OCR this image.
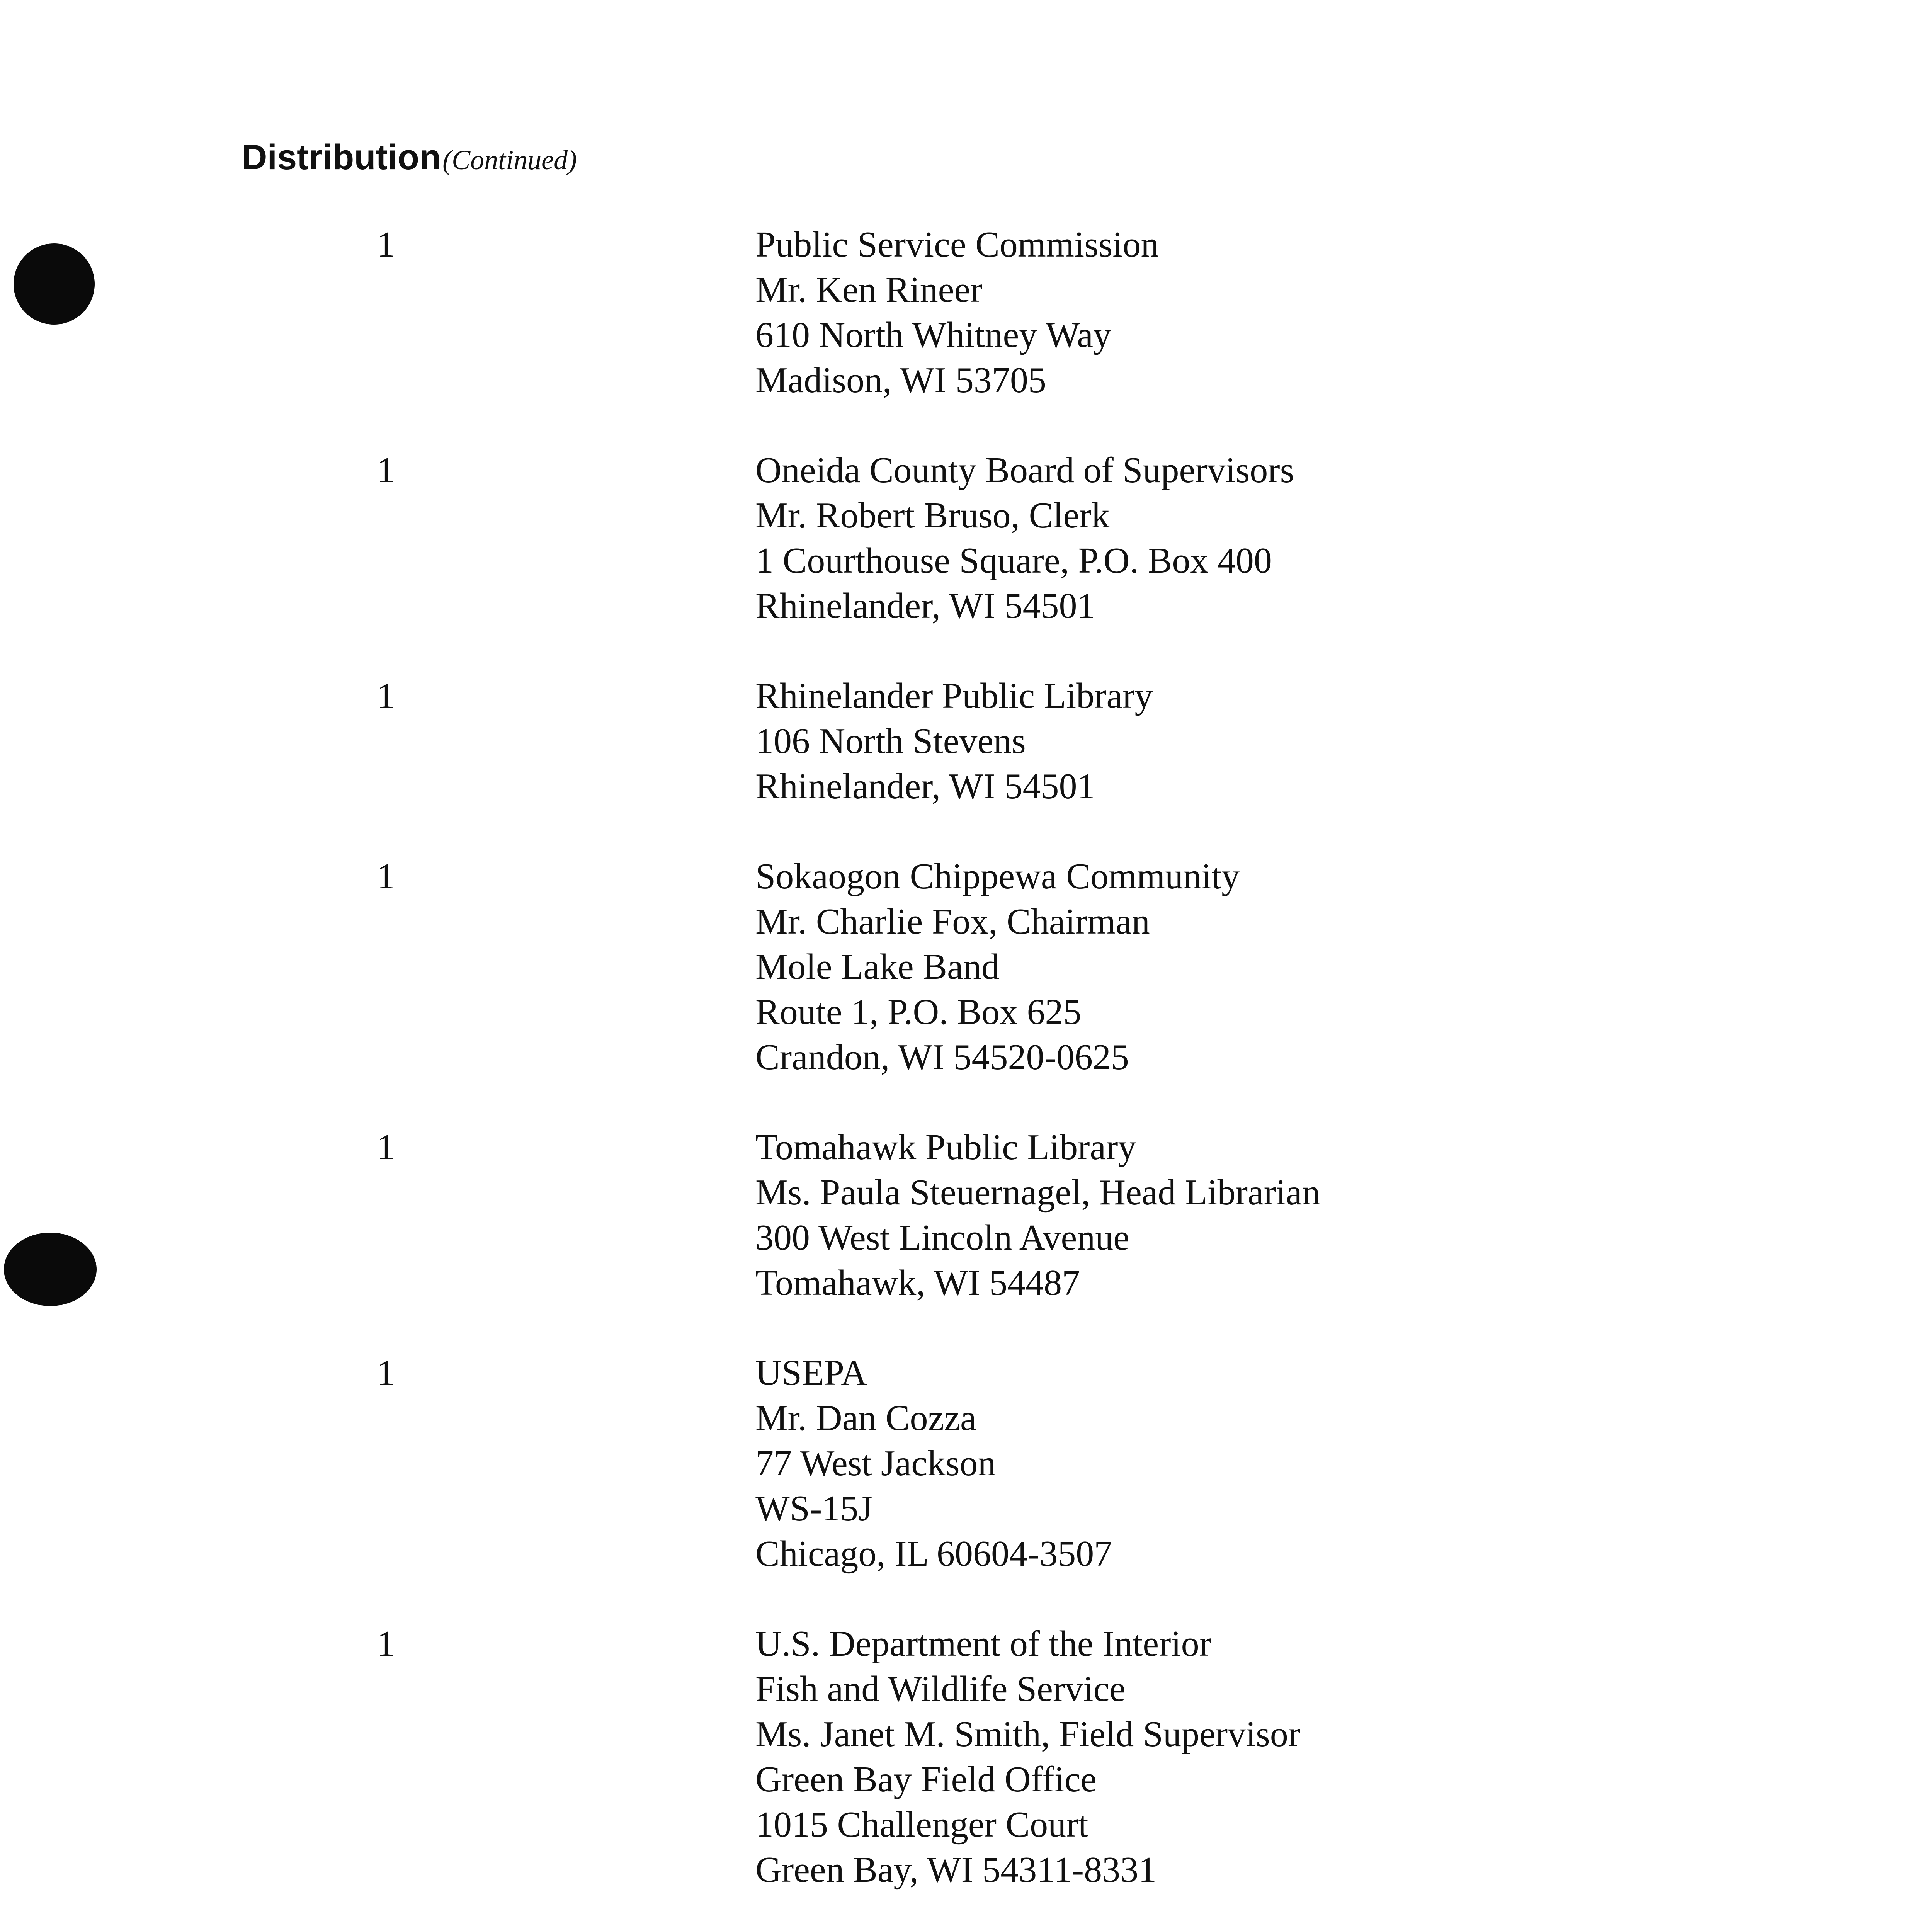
Distribution (Continued)
1	Public Service Commission
Mr. Ken Rineer
610 North Whitney Way
Madison, WI 53705
1	Oneida County Board of Supervisors
Mr. Robert Bruso, Clerk
1 Courthouse Square, P.O. Box 400
Rhinelander, WI 54501
1	Rhinelander Public Library
106 North Stevens
Rhinelander, WI 54501
1	Sokaogon Chippewa Community
Mr. Charlie Fox, Chairman
Mole Lake Band
Route 1, P.O. Box 625
Crandon, WI 54520-0625
1	Tomahawk Public Library
Ms. Paula Steuernagel, Head Librarian
300 West Lincoln Avenue
Tomahawk, WI 54487
1	USEPA
Mr. Dan Cozza
77 West Jackson
WS-15J
Chicago, IL 60604-3507
1	U.S. Department of the Interior
Fish and Wildlife Service
Ms. Janet M. Smith, Field Supervisor
Green Bay Field Office
1015 Challenger Court
Green Bay, WI 54311-8331
